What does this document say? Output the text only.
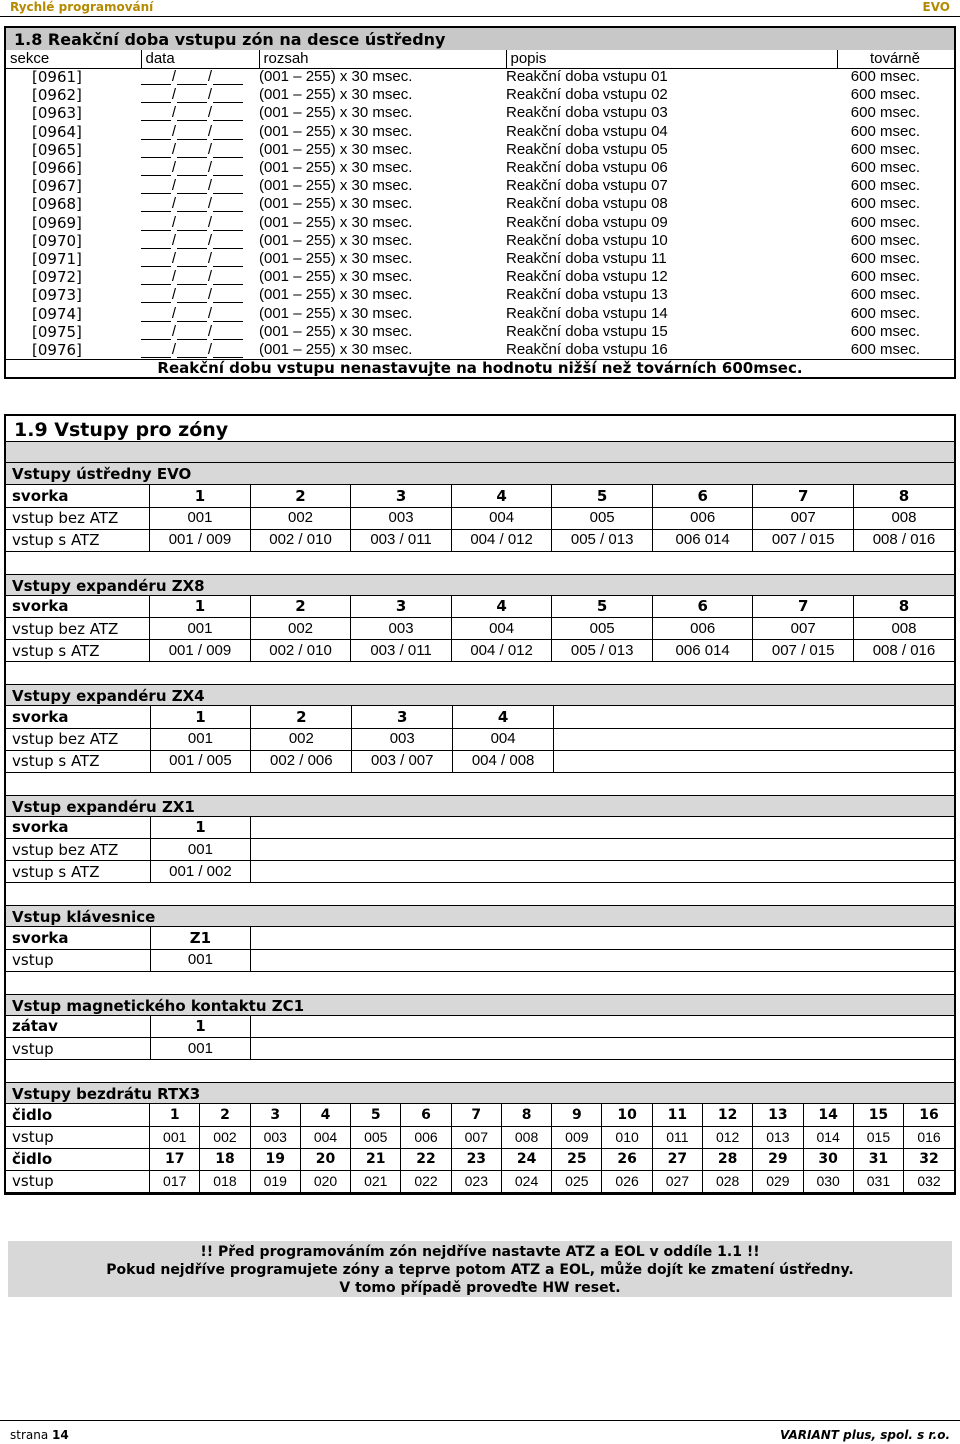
Rychlé programování	EVO
1.8 Reakční doba vstupu zón na desce ústředny
sekce	data	rozsah	popis	továrně
[0961]	/ /	(001 – 255) x 30 msec.	Reakční doba vstupu 01	600 msec.
[0962]	/ /	(001 – 255) x 30 msec.	Reakční doba vstupu 02	600 msec.
[0963]	/ /	(001 – 255) x 30 msec.	Reakční doba vstupu 03	600 msec.
[0964]	/ /	(001 – 255) x 30 msec.	Reakční doba vstupu 04	600 msec.
[0965]	/ /	(001 – 255) x 30 msec.	Reakční doba vstupu 05	600 msec.
[0966]	/ /	(001 – 255) x 30 msec.	Reakční doba vstupu 06	600 msec.
[0967]	/ /	(001 – 255) x 30 msec.	Reakční doba vstupu 07	600 msec.
[0968]	/ /	(001 – 255) x 30 msec.	Reakční doba vstupu 08	600 msec.
[0969]	/ /	(001 – 255) x 30 msec.	Reakční doba vstupu 09	600 msec.
[0970]	/ /	(001 – 255) x 30 msec.	Reakční doba vstupu 10	600 msec.
[0971]	/ /	(001 – 255) x 30 msec.	Reakční doba vstupu 11	600 msec.
[0972]	/ /	(001 – 255) x 30 msec.	Reakční doba vstupu 12	600 msec.
[0973]	/ /	(001 – 255) x 30 msec.	Reakční doba vstupu 13	600 msec.
[0974]	/ /	(001 – 255) x 30 msec.	Reakční doba vstupu 14	600 msec.
[0975]	/ /	(001 – 255) x 30 msec.	Reakční doba vstupu 15	600 msec.
[0976]	/ /	(001 – 255) x 30 msec.	Reakční doba vstupu 16	600 msec.
Reakční dobu vstupu nenastavujte na hodnotu nižší než továrních 600msec.
1.9 Vstupy pro zóny
Vstupy ústředny EVO
svorka	1	2	3	4	5	6	7	8
vstup bez ATZ	001	002	003	004	005	006	007	008
vstup s ATZ	001 / 009	002 / 010	003 / 011	004 / 012	005 / 013	006 014	007 / 015	008 / 016
Vstupy expandéru ZX8
svorka	1	2	3	4	5	6	7	8
vstup bez ATZ	001	002	003	004	005	006	007	008
vstup s ATZ	001 / 009	002 / 010	003 / 011	004 / 012	005 / 013	006 014	007 / 015	008 / 016
Vstupy expandéru ZX4
svorka	1	2	3	4	
vstup bez ATZ	001	002	003	004	
vstup s ATZ	001 / 005	002 / 006	003 / 007	004 / 008	
Vstup expandéru ZX1
svorka	1	
vstup bez ATZ	001	
vstup s ATZ	001 / 002	
Vstup klávesnice
svorka	Z1	
vstup	001	
Vstup magnetického kontaktu ZC1
zátav	1	
vstup	001	
Vstupy bezdrátu RTX3
čidlo	1	2	3	4	5	6	7	8	9	10	11	12	13	14	15	16
vstup	001	002	003	004	005	006	007	008	009	010	011	012	013	014	015	016
čidlo	17	18	19	20	21	22	23	24	25	26	27	28	29	30	31	32
vstup	017	018	019	020	021	022	023	024	025	026	027	028	029	030	031	032
!! Před programováním zón nejdříve nastavte ATZ a EOL v oddíle 1.1 !!
Pokud nejdříve programujete zóny a teprve potom ATZ a EOL, může dojít ke zmatení ústředny.
V tomo případě proveďte HW reset.
strana 14	VARIANT plus, spol. s r.o.
